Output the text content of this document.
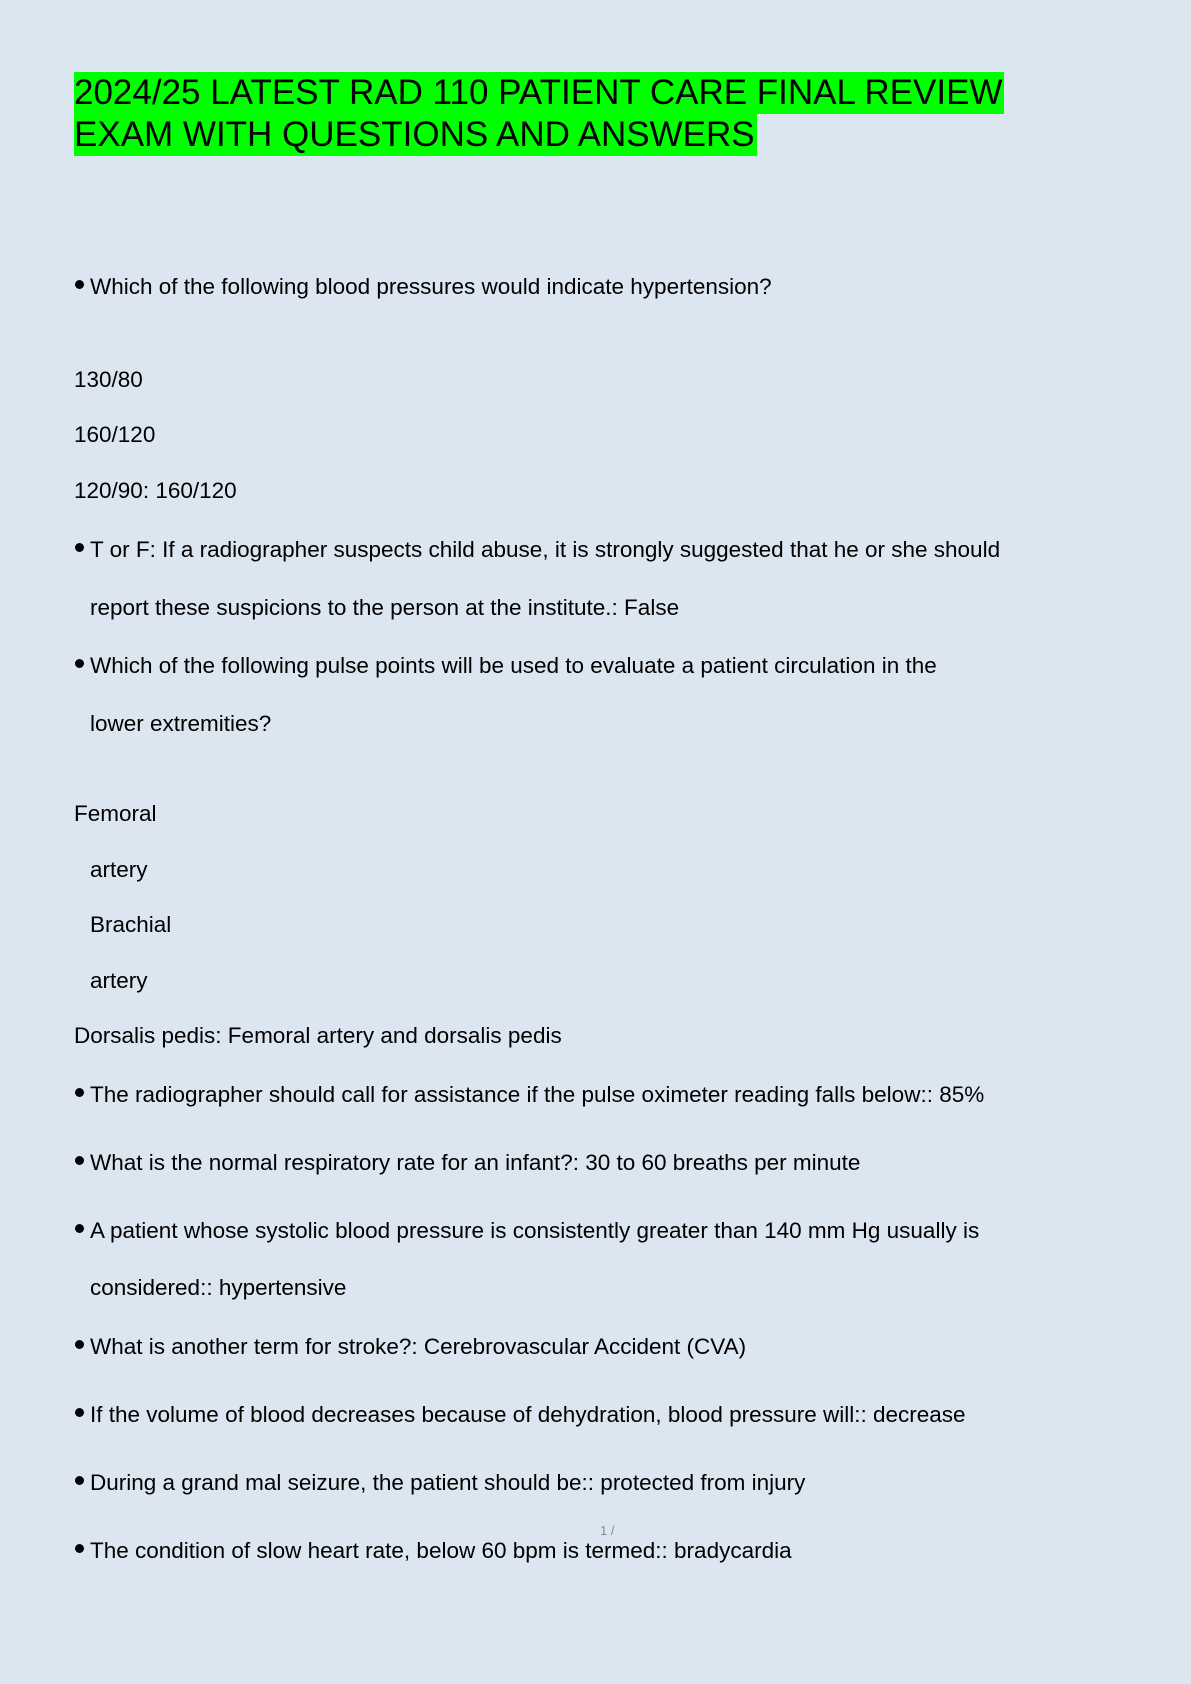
2024/25 LATEST RAD 110 PATIENT CARE FINAL REVIEW
EXAM WITH QUESTIONS AND ANSWERS
Which of the following blood pressures would indicate hypertension?
130/80
160/120
120/90: 160/120
T or F: If a radiographer suspects child abuse, it is strongly suggested that he or she should
report these suspicions to the person at the institute.: False
Which of the following pulse points will be used to evaluate a patient circulation in the
lower extremities?
Femoral
artery
Brachial
artery
Dorsalis pedis: Femoral artery and dorsalis pedis
The radiographer should call for assistance if the pulse oximeter reading falls below:: 85%
What is the normal respiratory rate for an infant?: 30 to 60 breaths per minute
A patient whose systolic blood pressure is consistently greater than 140 mm Hg usually is
considered:: hypertensive
What is another term for stroke?: Cerebrovascular Accident (CVA)
If the volume of blood decreases because of dehydration, blood pressure will:: decrease
During a grand mal seizure, the patient should be:: protected from injury
1 /
The condition of slow heart rate, below 60 bpm is termed:: bradycardia
